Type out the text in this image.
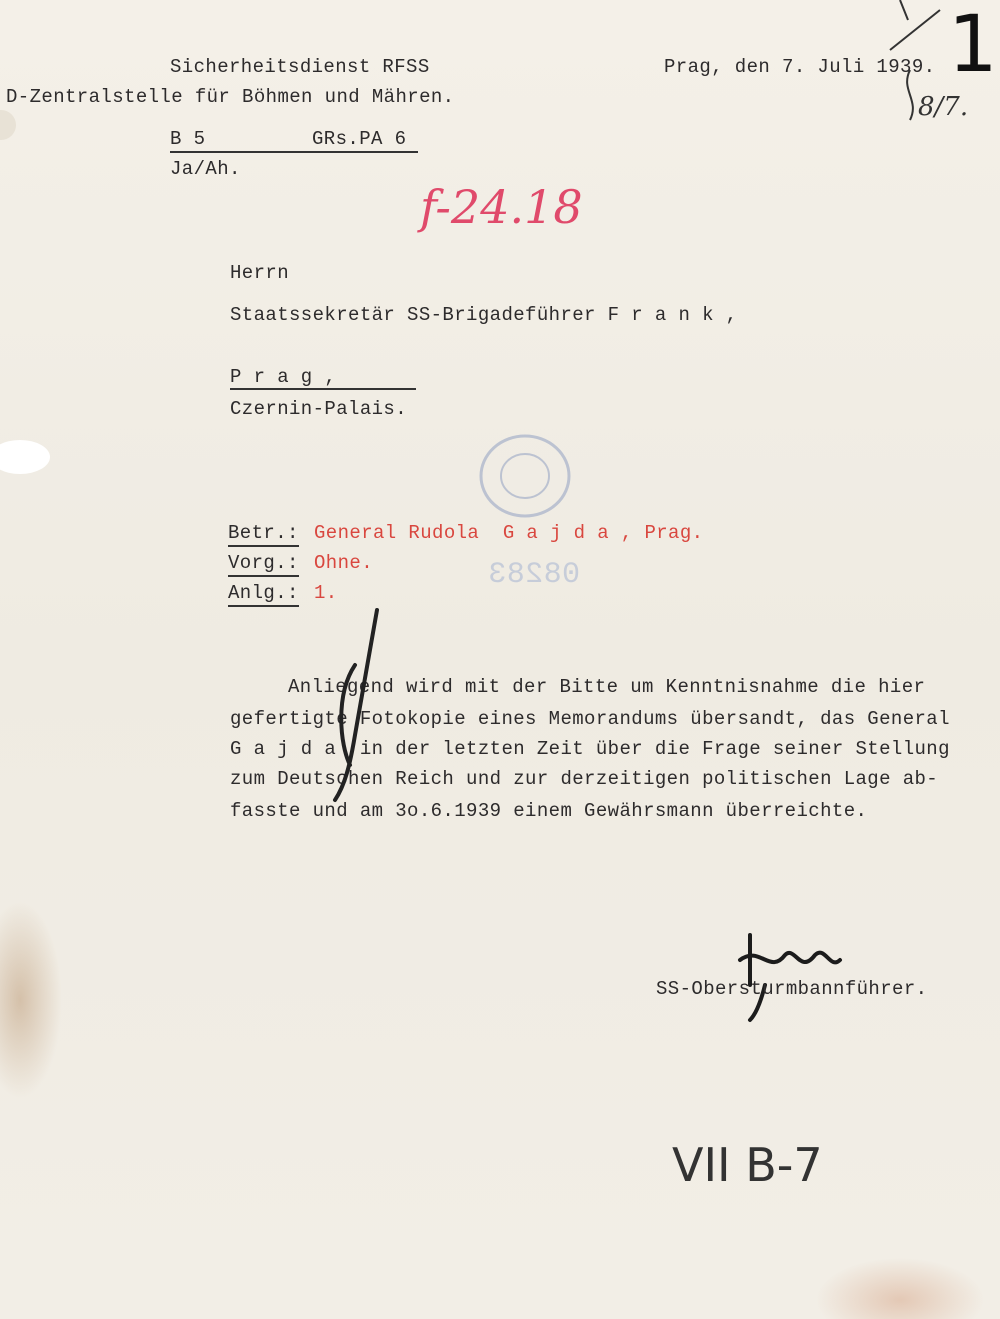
Sicherheitsdienst RFSS
D-Zentralstelle für Böhmen und Mähren.
Prag, den 7. Juli 1939.
B 5	GRs.PA 6
Ja/Ah.
1
8/7.
f-24.18
Herrn
Staatssekretär SS-Brigadeführer F r a n k ,
P r a g ,
Czernin-Palais.
08283
Betr.: General Rudola  G a j d a , Prag.
Vorg.: Ohne.
Anlg.: 1.
Anliegend wird mit der Bitte um Kenntnisnahme die hier
gefertigte Fotokopie eines Memorandums übersandt, das General
G a j d a  in der letzten Zeit über die Frage seiner Stellung
zum Deutschen Reich und zur derzeitigen politischen Lage ab-
fasste und am 3o.6.1939 einem Gewährsmann überreichte.
SS-Obersturmbannführer.
VII B-7
